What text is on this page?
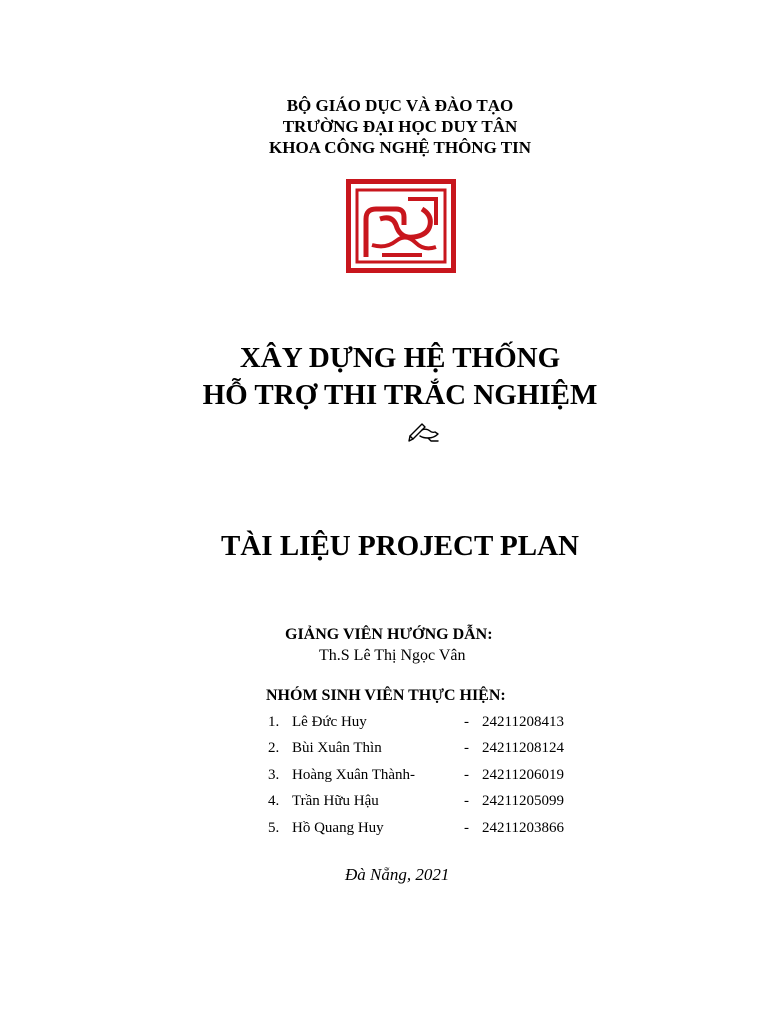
BỘ GIÁO DỤC VÀ ĐÀO TẠO
TRƯỜNG ĐẠI HỌC DUY TÂN
KHOA CÔNG NGHỆ THÔNG TIN
XÂY DỰNG HỆ THỐNG
HỖ TRỢ THI TRẮC NGHIỆM
TÀI LIỆU PROJECT PLAN
GIẢNG VIÊN HƯỚNG DẪN:
Th.S Lê Thị Ngọc Vân
NHÓM SINH VIÊN THỰC HIỆN:
1. Lê Đức Huy	- 24211208413
2. Bùi Xuân Thìn	- 24211208124
3. Hoàng Xuân Thành-	- 24211206019
4. Trần Hữu Hậu	- 24211205099
5. Hồ Quang Huy	- 24211203866
Đà Nẵng, 2021
